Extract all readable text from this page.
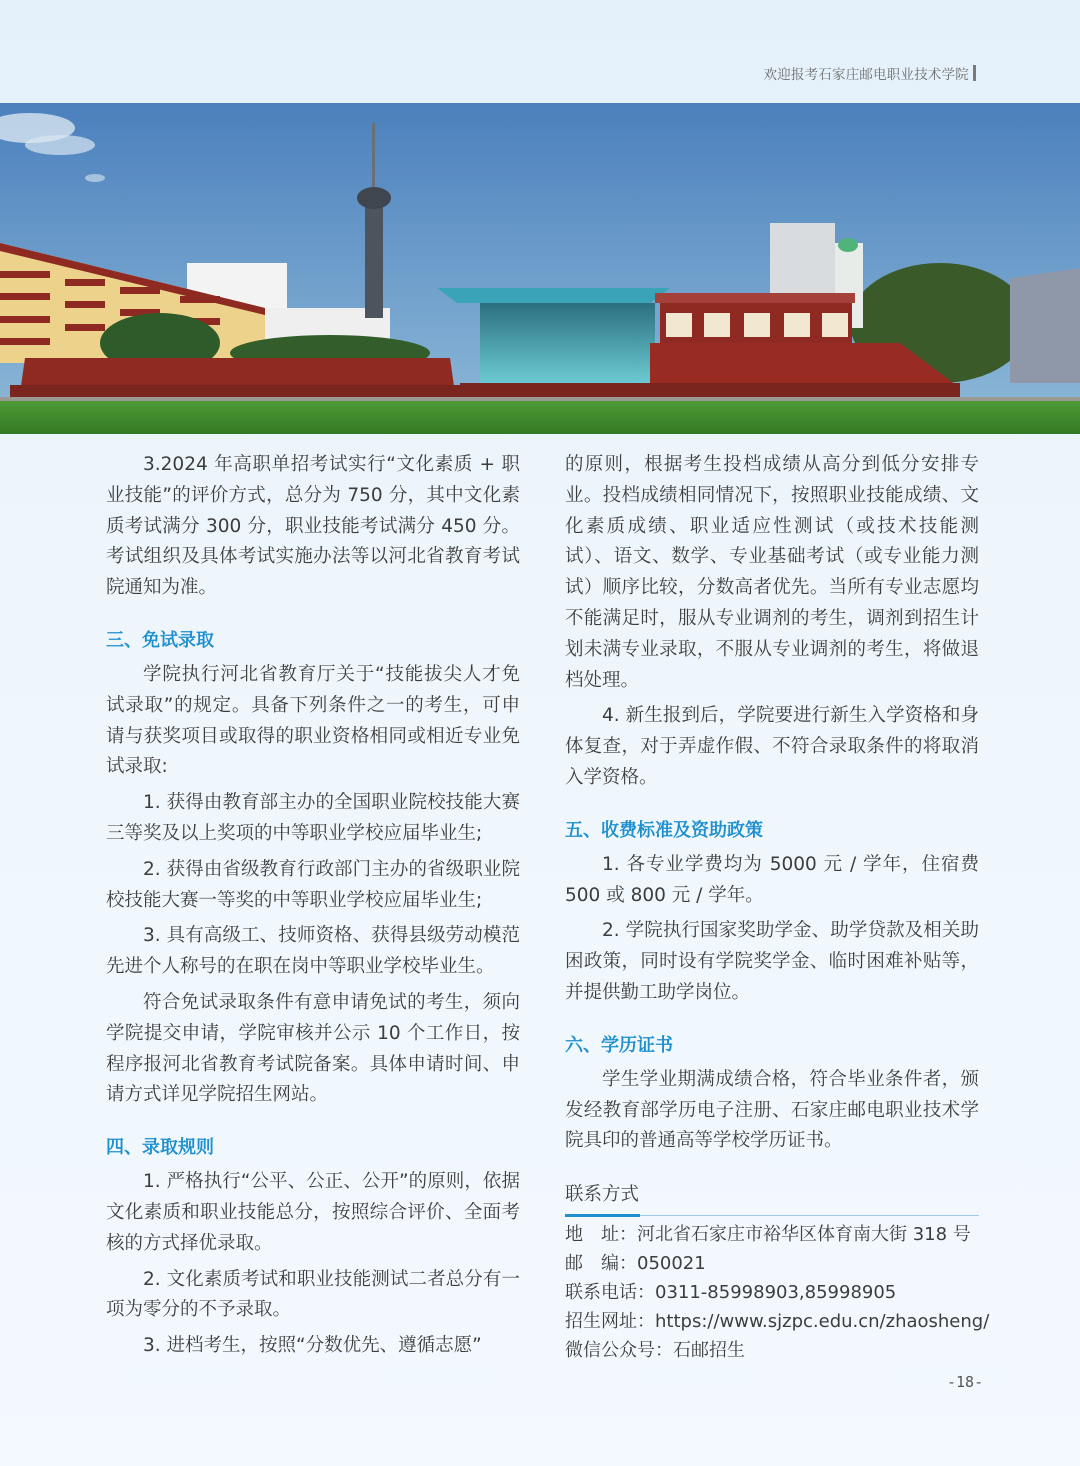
欢迎报考石家庄邮电职业技术学院

3.2024 年高职单招考试实行“文化素质 + 职业技能”的评价方式，总分为 750 分，其中文化素质考试满分 300 分，职业技能考试满分 450 分。考试组织及具体考试实施办法等以河北省教育考试院通知为准。

三、免试录取

学院执行河北省教育厅关于“技能拔尖人才免试录取”的规定。具备下列条件之一的考生，可申请与获奖项目或取得的职业资格相同或相近专业免试录取:

1. 获得由教育部主办的全国职业院校技能大赛三等奖及以上奖项的中等职业学校应届毕业生;

2. 获得由省级教育行政部门主办的省级职业院校技能大赛一等奖的中等职业学校应届毕业生;

3. 具有高级工、技师资格、获得县级劳动模范先进个人称号的在职在岗中等职业学校毕业生。

符合免试录取条件有意申请免试的考生，须向学院提交申请，学院审核并公示 10 个工作日，按程序报河北省教育考试院备案。具体申请时间、申请方式详见学院招生网站。

四、录取规则

1. 严格执行“公平、公正、公开”的原则，依据文化素质和职业技能总分，按照综合评价、全面考核的方式择优录取。

2. 文化素质考试和职业技能测试二者总分有一项为零分的不予录取。

3. 进档考生，按照“分数优先、遵循志愿”

的原则，根据考生投档成绩从高分到低分安排专业。投档成绩相同情况下，按照职业技能成绩、文化素质成绩、职业适应性测试（或技术技能测试）、语文、数学、专业基础考试（或专业能力测试）顺序比较，分数高者优先。当所有专业志愿均不能满足时，服从专业调剂的考生，调剂到招生计划未满专业录取，不服从专业调剂的考生，将做退档处理。

4. 新生报到后，学院要进行新生入学资格和身体复查，对于弄虚作假、不符合录取条件的将取消入学资格。

五、收费标准及资助政策

1. 各专业学费均为 5000 元 / 学年，住宿费 500 或 800 元 / 学年。

2. 学院执行国家奖助学金、助学贷款及相关助困政策，同时设有学院奖学金、临时困难补贴等，并提供勤工助学岗位。

六、学历证书

学生学业期满成绩合格，符合毕业条件者，颁发经教育部学历电子注册、石家庄邮电职业技术学院具印的普通高等学校学历证书。

联系方式
地　址：河北省石家庄市裕华区体育南大街 318 号
邮　编：050021
联系电话：0311-85998903,85998905
招生网址：https://www.sjzpc.edu.cn/zhaosheng/
微信公众号：石邮招生
-18-
